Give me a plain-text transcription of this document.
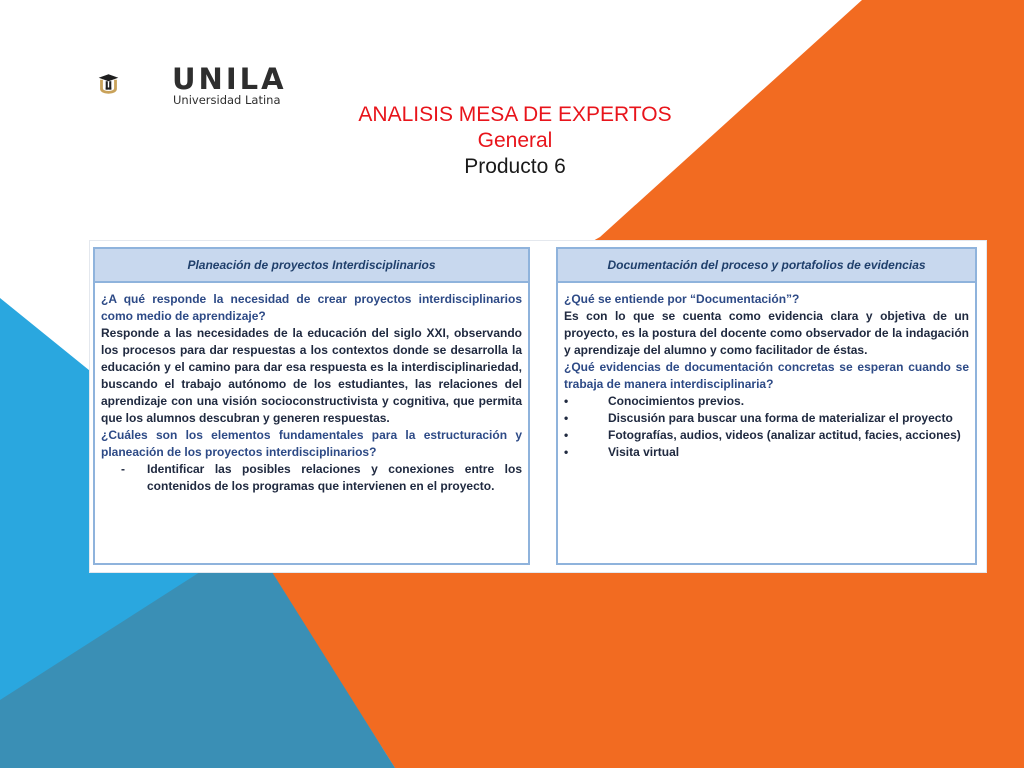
UNILA
Universidad Latina
ANALISIS MESA DE EXPERTOS
General
Producto 6
Planeación de proyectos Interdisciplinarios

¿A qué responde la necesidad de crear proyectos interdisciplinarios como medio de aprendizaje?

Responde a las necesidades de la educación del siglo XXI, observando los procesos para dar respuestas a los contextos donde se desarrolla la educación y el camino para dar esa respuesta es la interdisciplinariedad, buscando el trabajo autónomo de los estudiantes, las relaciones del aprendizaje con una visión socioconstructivista y cognitiva, que permita que los alumnos descubran y generen respuestas.

¿Cuáles son los elementos fundamentales para la estructuración y planeación de los proyectos interdisciplinarios?

-	Identificar las posibles relaciones y conexiones entre los contenidos de los programas que intervienen en el proyecto.
Documentación del proceso y portafolios de evidencias

¿Qué se entiende por “Documentación”?

Es con lo que se cuenta como evidencia clara y objetiva de un proyecto, es la postura del docente como observador de la indagación y aprendizaje del alumno y como facilitador de éstas.

¿Qué evidencias de documentación concretas se esperan cuando se trabaja de manera interdisciplinaria?

•	Conocimientos previos.
•	Discusión para buscar una forma de materializar el proyecto
•	Fotografías, audios, videos (analizar actitud, facies, acciones)
•	Visita virtual
